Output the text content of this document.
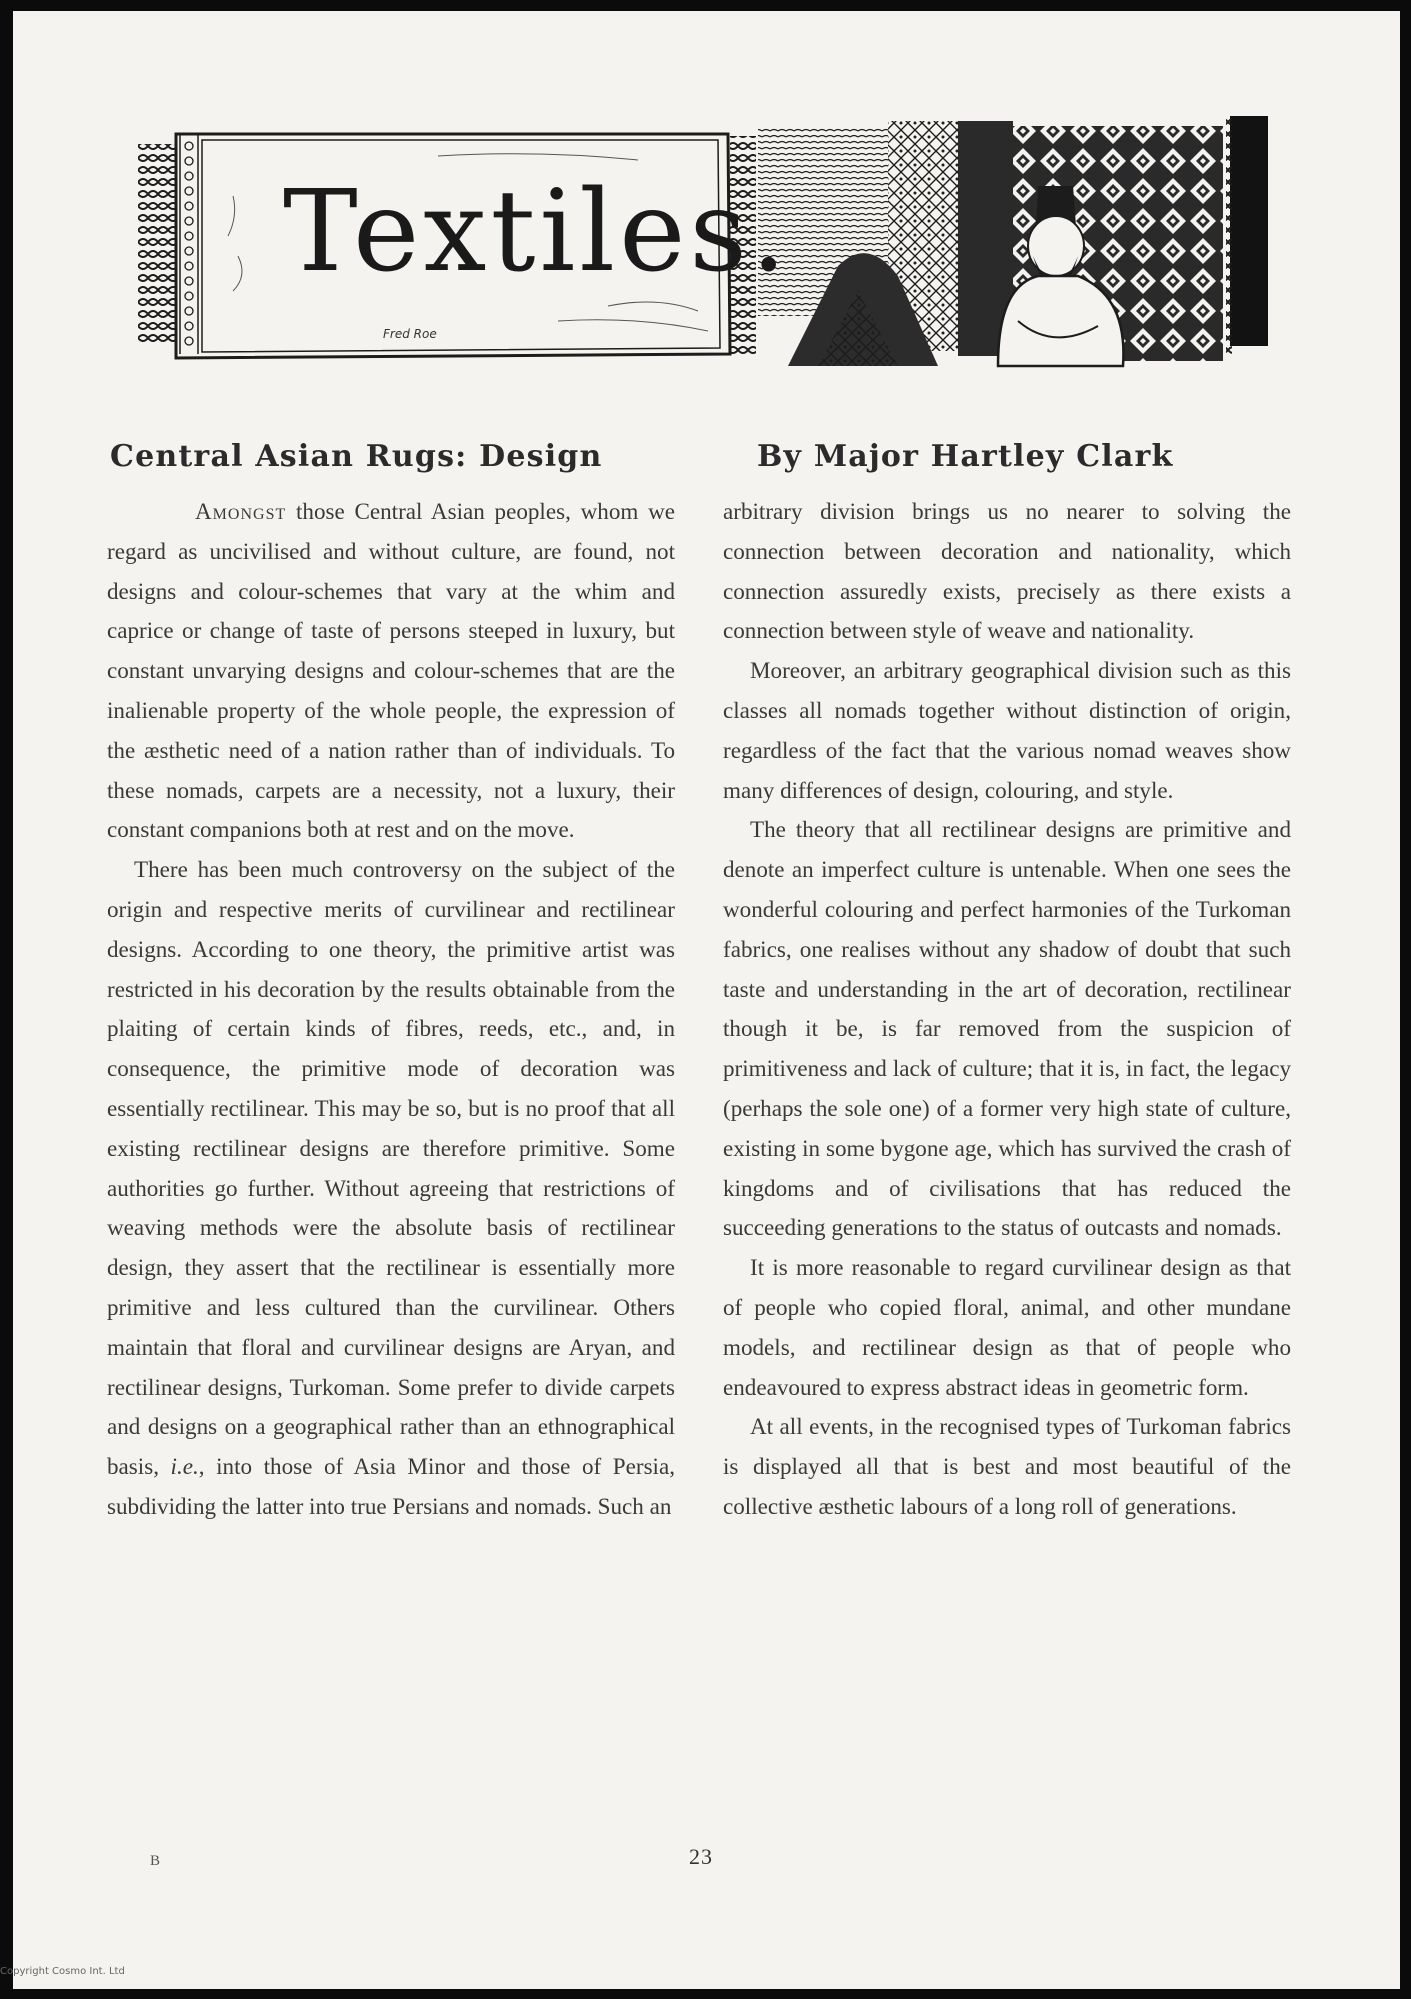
Textiles.
Fred Roe
Central Asian Rugs: Design	By Major Hartley Clark

Amongst those Central Asian peoples, whom we regard as uncivilised and without culture, are found, not designs and colour-schemes that vary at the whim and caprice or change of taste of persons steeped in luxury, but constant unvarying designs and colour-schemes that are the inalienable property of the whole people, the expression of the æsthetic need of a nation rather than of individuals. To these nomads, carpets are a necessity, not a luxury, their constant companions both at rest and on the move.

There has been much controversy on the subject of the origin and respective merits of curvilinear and rectilinear designs. According to one theory, the primitive artist was restricted in his decoration by the results obtainable from the plaiting of certain kinds of fibres, reeds, etc., and, in consequence, the primitive mode of decoration was essentially rectilinear. This may be so, but is no proof that all existing rectilinear designs are therefore primitive. Some authorities go further. Without agreeing that restrictions of weaving methods were the absolute basis of rectilinear design, they assert that the rectilinear is essentially more primitive and less cultured than the curvilinear. Others maintain that floral and curvilinear designs are Aryan, and rectilinear designs, Turkoman. Some prefer to divide carpets and designs on a geographical rather than an ethnographical basis, i.e., into those of Asia Minor and those of Persia, subdividing the latter into true Persians and nomads. Such an

arbitrary division brings us no nearer to solving the connection between decoration and nationality, which connection assuredly exists, precisely as there exists a connection between style of weave and nationality.

Moreover, an arbitrary geographical division such as this classes all nomads together without distinction of origin, regardless of the fact that the various nomad weaves show many differences of design, colouring, and style.

The theory that all rectilinear designs are primitive and denote an imperfect culture is untenable. When one sees the wonderful colouring and perfect harmonies of the Turkoman fabrics, one realises without any shadow of doubt that such taste and understanding in the art of decoration, rectilinear though it be, is far removed from the suspicion of primitiveness and lack of culture; that it is, in fact, the legacy (perhaps the sole one) of a former very high state of culture, existing in some bygone age, which has survived the crash of kingdoms and of civilisations that has reduced the succeeding generations to the status of outcasts and nomads.

It is more reasonable to regard curvilinear design as that of people who copied floral, animal, and other mundane models, and rectilinear design as that of people who endeavoured to express abstract ideas in geometric form.

At all events, in the recognised types of Turkoman fabrics is displayed all that is best and most beautiful of the collective æsthetic labours of a long roll of generations.

B	23
Copyright Cosmo Int. Ltd
